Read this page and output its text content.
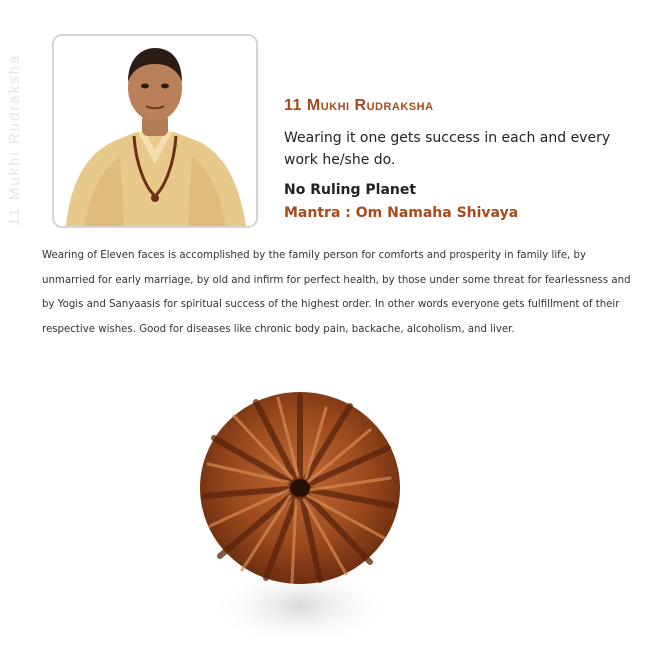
11 Mukhi Rudraksha	11 Mukhi Rudraksha

Wearing it one gets success in each and every work he/she do.

No Ruling Planet

Mantra : Om Namaha Shivaya

Wearing of Eleven faces is accomplished by the family person for comforts and prosperity in family life, by unmarried for early marriage, by old and infirm for perfect health, by those under some threat for fearlessness and by Yogis and Sanyaasis for spiritual success of the highest order. In other words everyone gets fulfillment of their respective wishes. Good for diseases like chronic body pain, backache, alcoholism, and liver.
